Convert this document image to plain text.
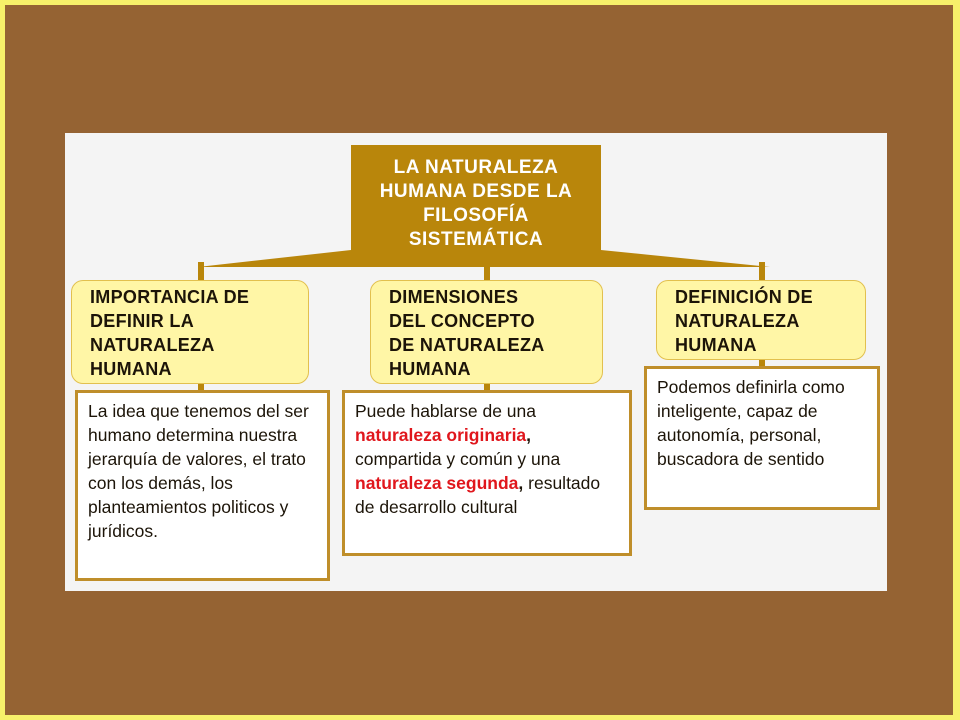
LA NATURALEZA HUMANA DESDE LA FILOSOFÍA SISTEMÁTICA
IMPORTANCIA DE
DEFINIR LA
NATURALEZA
HUMANA
DIMENSIONES
DEL CONCEPTO
DE NATURALEZA
HUMANA
DEFINICIÓN DE
NATURALEZA
HUMANA
La idea que tenemos del ser humano determina nuestra jerarquía de valores, el trato con los demás, los planteamientos politicos y jurídicos.
Puede hablarse de una naturaleza originaria, compartida y común y una naturaleza segunda, resultado de desarrollo cultural
Podemos definirla como inteligente, capaz de autonomía, personal, buscadora de sentido
